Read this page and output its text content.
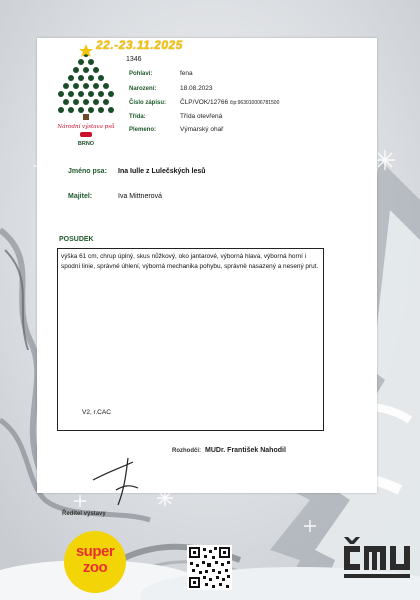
22.-23.11.2025
Národní výstava psů
BRNO
1346
Pohlaví:	fena
Narození:	18.08.2023
Číslo zápisu: ČLP/VOK/12766 čip:963010006781500
Třída:	Třída otevřená
Plemeno:	Výmarský ohař
Jméno psa: Ina Iulle z Lulečských lesů
Majitel:	Iva Mittnerová
POSUDEK
výška 61 cm, chrup úplný, skus nůžkový, oko jantarové, výborná hlava, výborná horní i spodní linie, správné úhlení, výborná mechanika pohybu, správně nasazený a nesený prut.
V2, r.CAC
Rozhodčí: MUDr. František Nahodil
Ředitel výstavy
super
zoo
